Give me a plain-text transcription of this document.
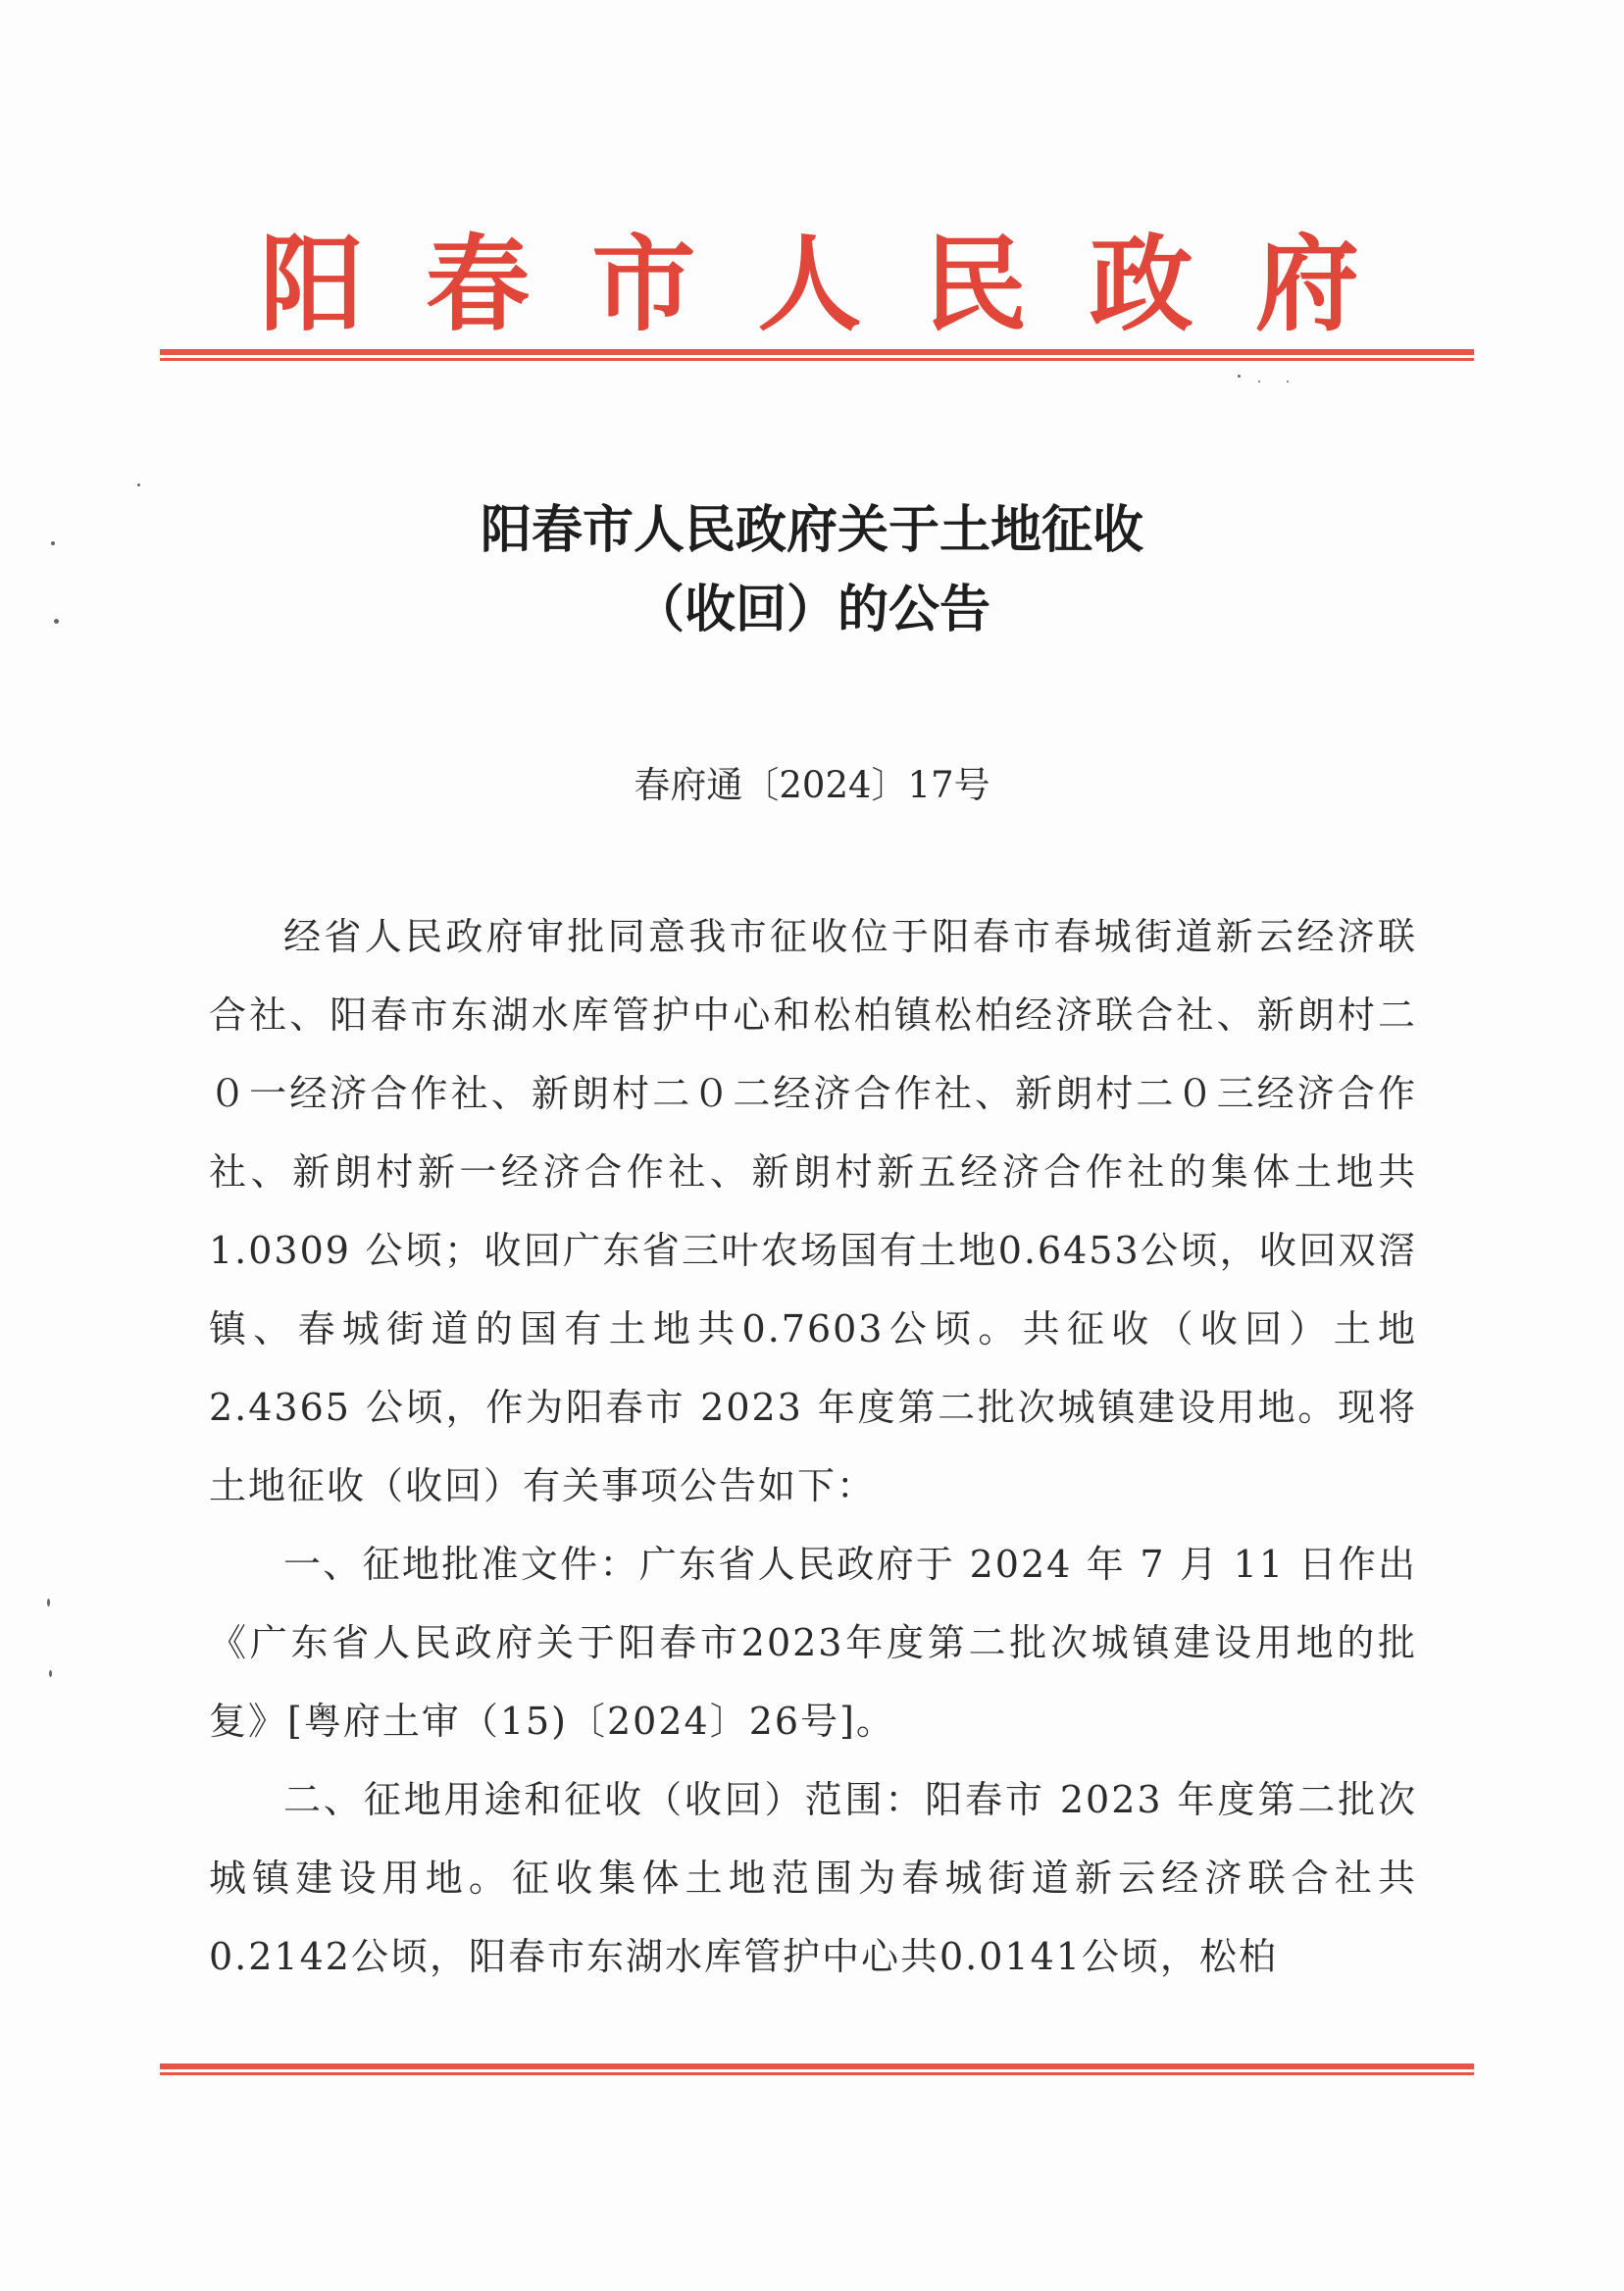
阳 春 市 人 民 政 府
阳春市人民政府关于土地征收
（收回）的公告
春府通〔2024〕17号

经省人民政府审批同意我市征收位于阳春市春城街道新云经济联合社、阳春市东湖水库管护中心和松柏镇松柏经济联合社、新朗村二０一经济合作社、新朗村二０二经济合作社、新朗村二０三经济合作社、新朗村新一经济合作社、新朗村新五经济合作社的集体土地共 1.0309 公顷；收回广东省三叶农场国有土地0.6453公顷，收回双滘镇、春城街道的国有土地共0.7603公顷。共征收（收回）土地 2.4365 公顷，作为阳春市 2023 年度第二批次城镇建设用地。现将土地征收（收回）有关事项公告如下：

一、征地批准文件：广东省人民政府于 2024 年 7 月 11 日作出《广东省人民政府关于阳春市2023年度第二批次城镇建设用地的批复》[粤府土审（15)〔2024〕26号]。

二、征地用途和征收（收回）范围：阳春市 2023 年度第二批次城镇建设用地。征收集体土地范围为春城街道新云经济联合社共0.2142公顷，阳春市东湖水库管护中心共0.0141公顷，松柏
